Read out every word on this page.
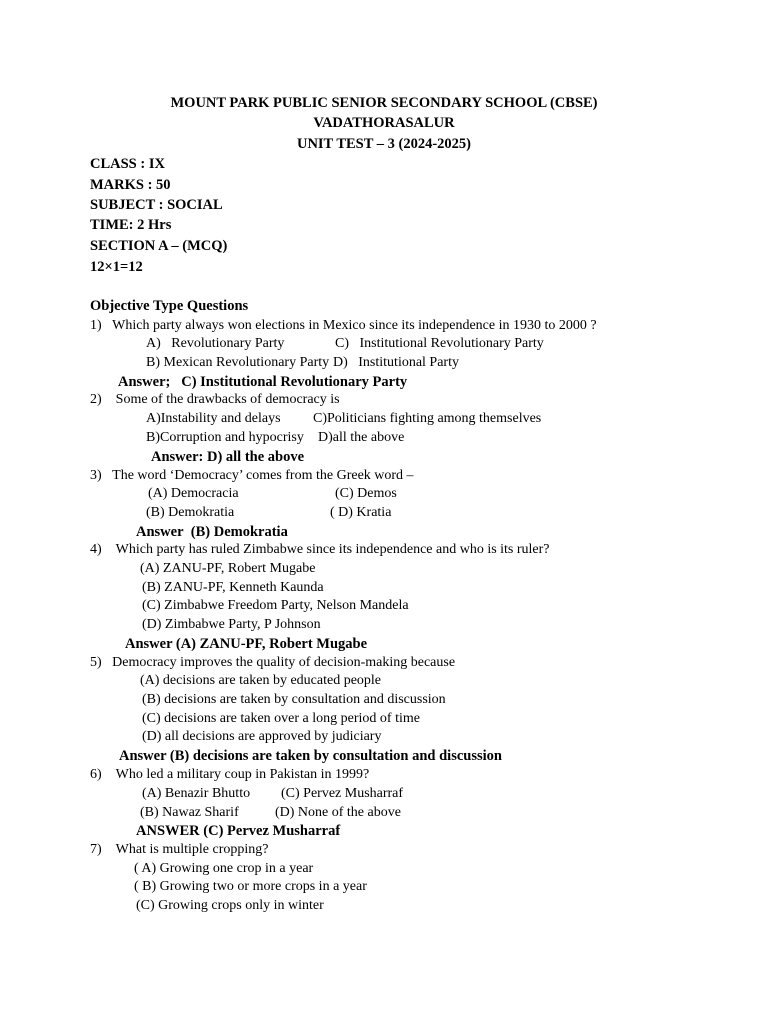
MOUNT PARK PUBLIC SENIOR SECONDARY SCHOOL (CBSE)
VADATHORASALUR
UNIT TEST – 3 (2024-2025)
CLASS : IX
MARKS : 50
SUBJECT : SOCIAL
TIME: 2 Hrs
SECTION A – (MCQ)
12×1=12
Objective Type Questions
1)   Which party always won elections in Mexico since its independence in 1930 to 2000 ?
A)   Revolutionary Party	C)   Institutional Revolutionary Party
B) Mexican Revolutionary Party D)   Institutional Party
Answer;   C) Institutional Revolutionary Party
2)    Some of the drawbacks of democracy is
A)Instability and delays C)Politicians fighting among themselves
B)Corruption and hypocrisy D)all the above
Answer: D) all the above
3)   The word ‘Democracy’ comes from the Greek word –
(A) Democracia	(C) Demos
(B) Demokratia	( D) Kratia
Answer  (B) Demokratia
4)    Which party has ruled Zimbabwe since its independence and who is its ruler?
(A) ZANU-PF, Robert Mugabe
(B) ZANU-PF, Kenneth Kaunda
(C) Zimbabwe Freedom Party, Nelson Mandela
(D) Zimbabwe Party, P Johnson
Answer (A) ZANU-PF, Robert Mugabe
5)   Democracy improves the quality of decision-making because
(A) decisions are taken by educated people
(B) decisions are taken by consultation and discussion
(C) decisions are taken over a long period of time
(D) all decisions are approved by judiciary
Answer (B) decisions are taken by consultation and discussion
6)    Who led a military coup in Pakistan in 1999?
(A) Benazir Bhutto (C) Pervez Musharraf
(B) Nawaz Sharif	(D) None of the above
ANSWER (C) Pervez Musharraf
7)    What is multiple cropping?
( A) Growing one crop in a year
( B) Growing two or more crops in a year
(C) Growing crops only in winter
